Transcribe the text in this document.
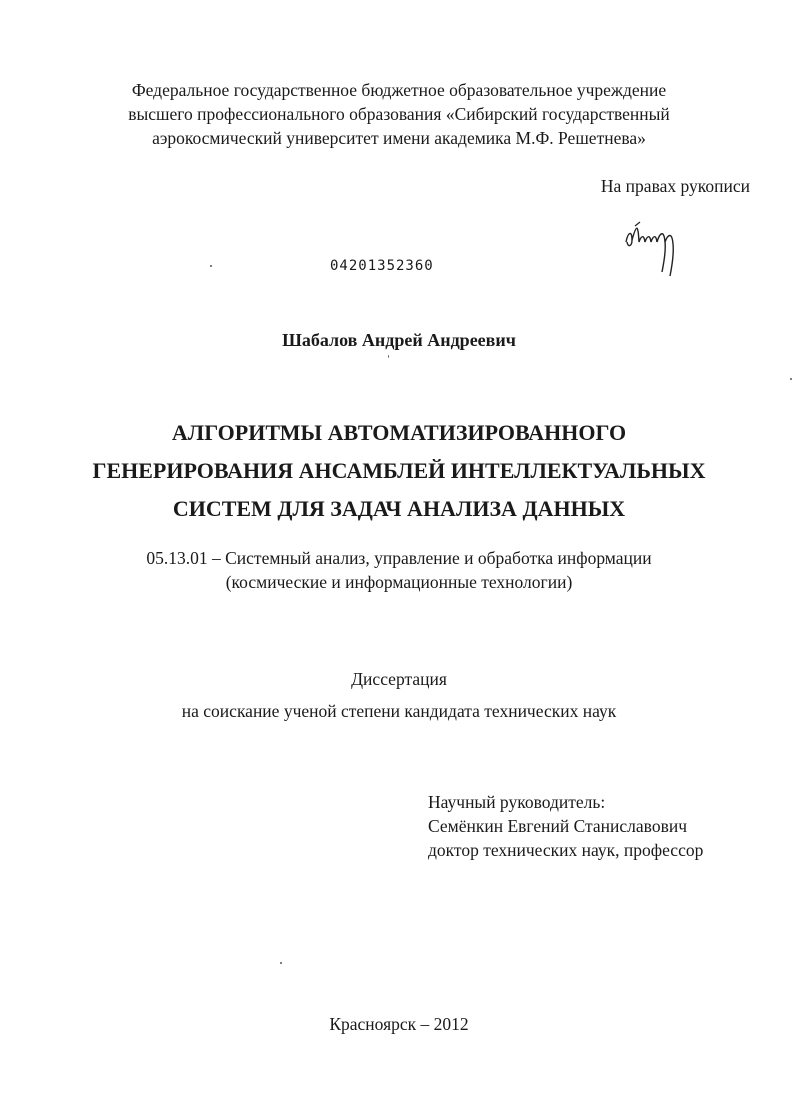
Федеральное государственное бюджетное образовательное учреждение
высшего профессионального образования «Сибирский государственный
аэрокосмический университет имени академика М.Ф. Решетнева»
На правах рукописи
04201352360
Шабалов Андрей Андреевич
АЛГОРИТМЫ АВТОМАТИЗИРОВАННОГО
ГЕНЕРИРОВАНИЯ АНСАМБЛЕЙ ИНТЕЛЛЕКТУАЛЬНЫХ
СИСТЕМ ДЛЯ ЗАДАЧ АНАЛИЗА ДАННЫХ
05.13.01 – Системный анализ, управление и обработка информации
(космические и информационные технологии)
Диссертация
на соискание ученой степени кандидата технических наук
Научный руководитель:
Семёнкин Евгений Станиславович
доктор технических наук, профессор
Красноярск – 2012
